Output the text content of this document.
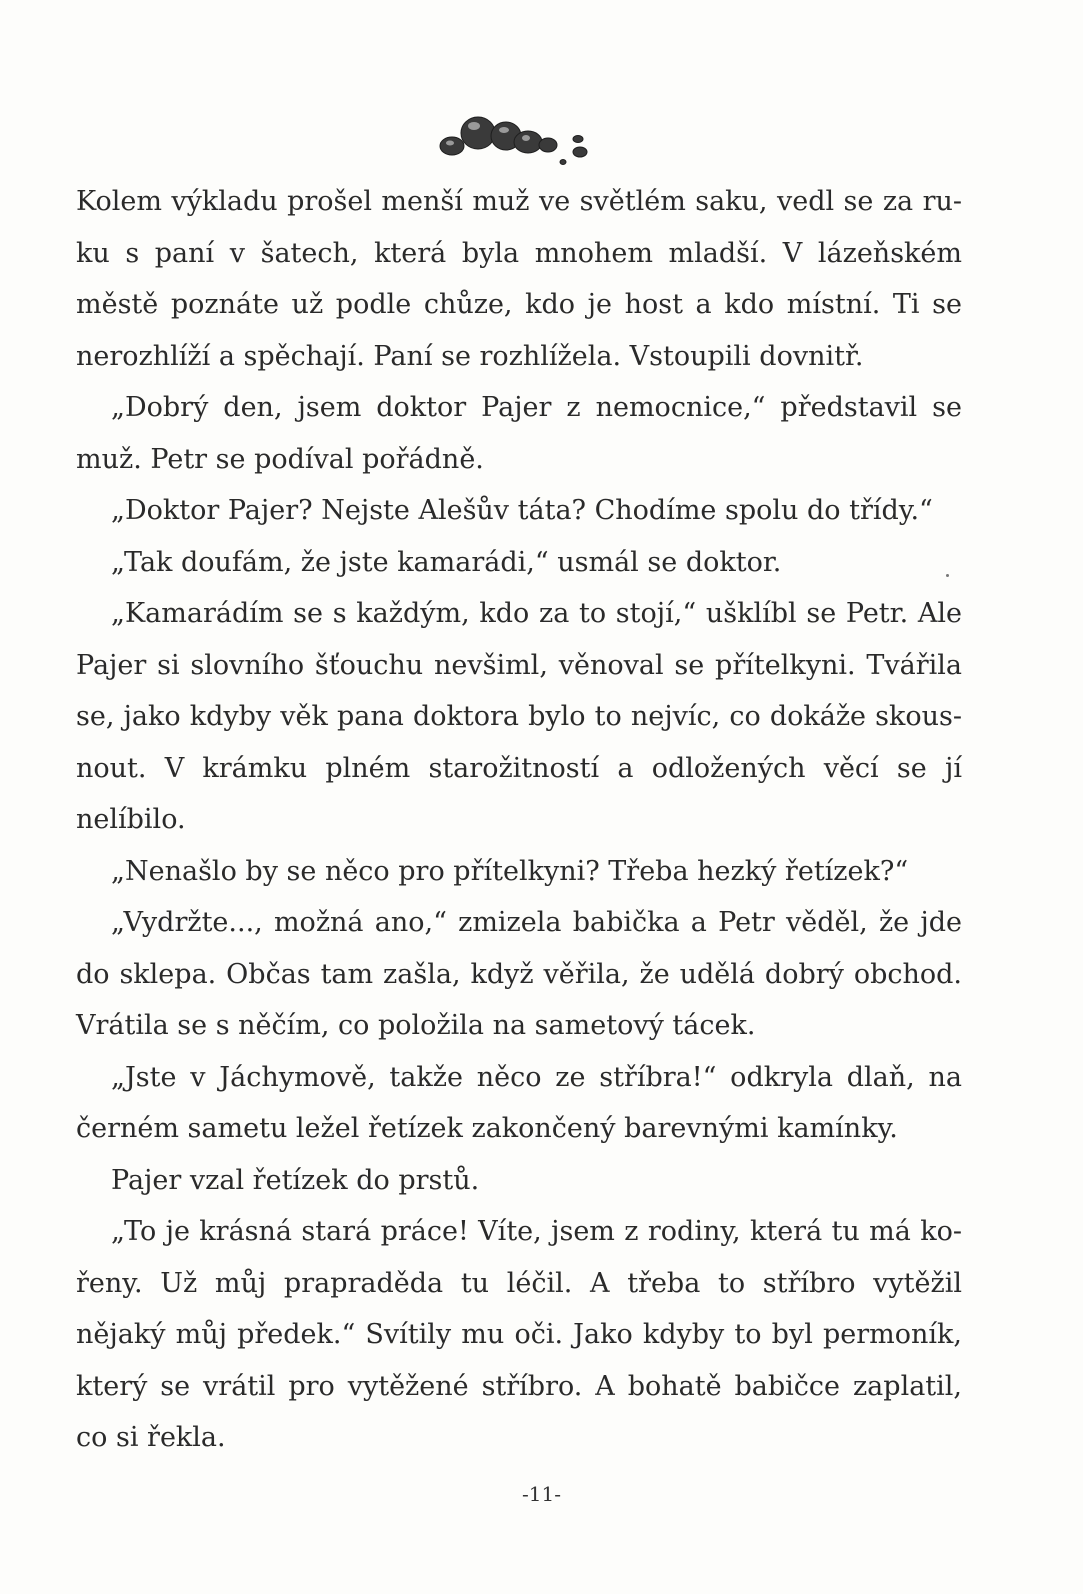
Kolem výkladu prošel menší muž ve světlém saku, vedl se za ruku s paní v šatech, která byla mnohem mladší. V lázeňském městě poznáte už podle chůze, kdo je host a kdo místní. Ti se nerozhlíží a spěchají. Paní se rozhlížela. Vstoupili dovnitř.

„Dobrý den, jsem doktor Pajer z nemocnice,“ představil se muž. Petr se podíval pořádně.

„Doktor Pajer? Nejste Alešův táta? Chodíme spolu do třídy.“

„Tak doufám, že jste kamarádi,“ usmál se doktor.

„Kamarádím se s každým, kdo za to stojí,“ ušklíbl se Petr. Ale Pajer si slovního šťouchu nevšiml, věnoval se přítelkyni. Tvářila se, jako kdyby věk pana doktora bylo to nejvíc, co dokáže skousnout. V krámku plném starožitností a odložených věcí se jí nelíbilo.

„Nenašlo by se něco pro přítelkyni? Třeba hezký řetízek?“

„Vydržte..., možná ano,“ zmizela babička a Petr věděl, že jde do sklepa. Občas tam zašla, když věřila, že udělá dobrý obchod. Vrátila se s něčím, co položila na sametový tácek.

„Jste v Jáchymově, takže něco ze stříbra!“ odkryla dlaň, na černém sametu ležel řetízek zakončený barevnými kamínky.

Pajer vzal řetízek do prstů.

„To je krásná stará práce! Víte, jsem z rodiny, která tu má kořeny. Už můj prapraděda tu léčil. A třeba to stříbro vytěžil nějaký můj předek.“ Svítily mu oči. Jako kdyby to byl permoník, který se vrátil pro vytěžené stříbro. A bohatě babičce zaplatil, co si řekla.

-11-
